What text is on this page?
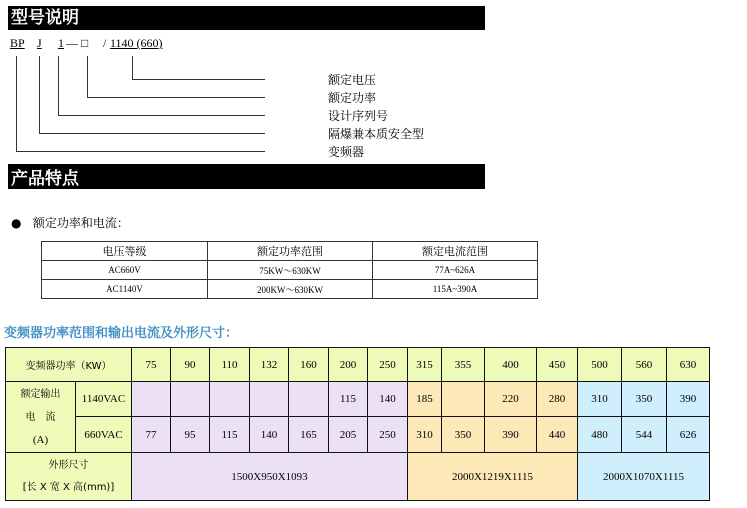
型号说明
BP J 1 — □ / 1140 (660)
额定电压
额定功率
设计序列号
隔爆兼本质安全型
变频器
产品特点
●   额定功率和电流：
电压等级	额定功率范围	额定电流范围
AC660V	75KW～630KW	77A~626A
AC1140V	200KW～630KW	115A~390A
变频器功率范围和输出电流及外形尺寸：
变频器功率（KW）		75	90	110	132	160	200	250	315	355	400	450	500	560	630
额定输出
电　流
(A)	1140VAC						115	140	185		220	280	310	350	390
	660VAC	77	95	115	140	165	205	250	310	350	390	440	480	544	626
外形尺寸
[长 X 宽 X 高(mm)]		1500X950X1093							2000X1219X1115				2000X1070X1115		
